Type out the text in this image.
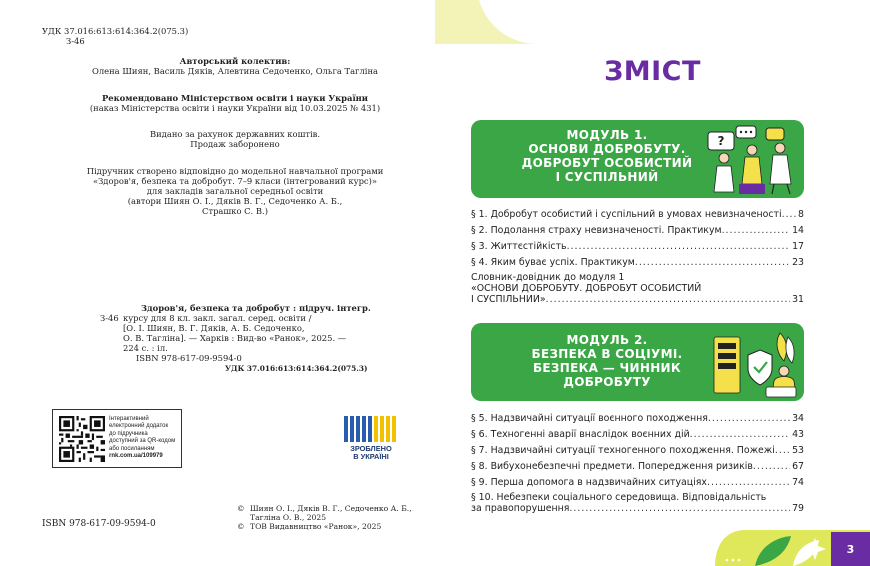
УДК 37.016:613:614:364.2(075.3)
З-46
Авторський колектив:
Олена Шиян, Василь Дяків, Алевтина Седоченко, Ольга Тагліна
Рекомендовано Міністерством освіти і науки України
(наказ Міністерства освіти і науки України від 10.03.2025 № 431)
Видано за рахунок державних коштів.
Продаж заборонено
Підручник створено відповідно до модельної навчальної програми
«Здоров'я, безпека та добробут. 7–9 класи (інтегрований курс)»
для закладів загальної середньої освіти
(автори Шиян О. І., Дяків В. Г., Седоченко А. Б.,
Страшко С. В.)
З-46
Здоров'я, безпека та добробут : підруч. інтегр.
курсу для 8 кл. закл. загал. серед. освіти /
[О. І. Шиян, В. Г. Дяків, А. Б. Седоченко,
О. В. Тагліна]. — Харків : Вид-во «Ранок», 2025. —
224 с. : іл.
ISBN 978-617-09-9594-0
УДК 37.016:613:614:364.2(075.3)
Інтерактивний
електронний додаток
до підручника
доступний за QR-кодом
або посиланням
rnk.com.ua/109979
ЗРОБЛЕНО
В УКРАЇНІ
ISBN 978-617-09-9594-0
© Шиян О. І., Дяків В. Г., Седоченко А. Б.,
Тагліна О. В., 2025
© ТОВ Видавництво «Ранок», 2025
ЗМІСТ
МОДУЛЬ 1.
ОСНОВИ ДОБРОБУТУ.
ДОБРОБУТ ОСОБИСТИЙ
І СУСПІЛЬНИЙ
?
§ 1. Добробут особистий і суспільний в умовах невизначеності ..... 8
§ 2. Подолання страху невизначеності. Практикум .....	14
§ 3. Життєстійкість .....	17
§ 4. Яким буває успіх. Практикум .....	23
Словник-довідник до модуля 1
«ОСНОВИ ДОБРОБУТУ. ДОБРОБУТ ОСОБИСТИЙ
І СУСПІЛЬНИЙ» .....	31
МОДУЛЬ 2.
БЕЗПЕКА В СОЦІУМІ.
БЕЗПЕКА — ЧИННИК
ДОБРОБУТУ
§ 5. Надзвичайні ситуації воєнного походження .....	34
§ 6. Техногенні аварії внаслідок воєнних дій .....	43
§ 7. Надзвичайні ситуації техногенного походження. Пожежі ..... 53
§ 8. Вибухонебезпечні предмети. Попередження ризиків .....	67
§ 9. Перша допомога в надзвичайних ситуаціях .....	74
§ 10. Небезпеки соціального середовища. Відповідальність
за правопорушення .....	79
3
